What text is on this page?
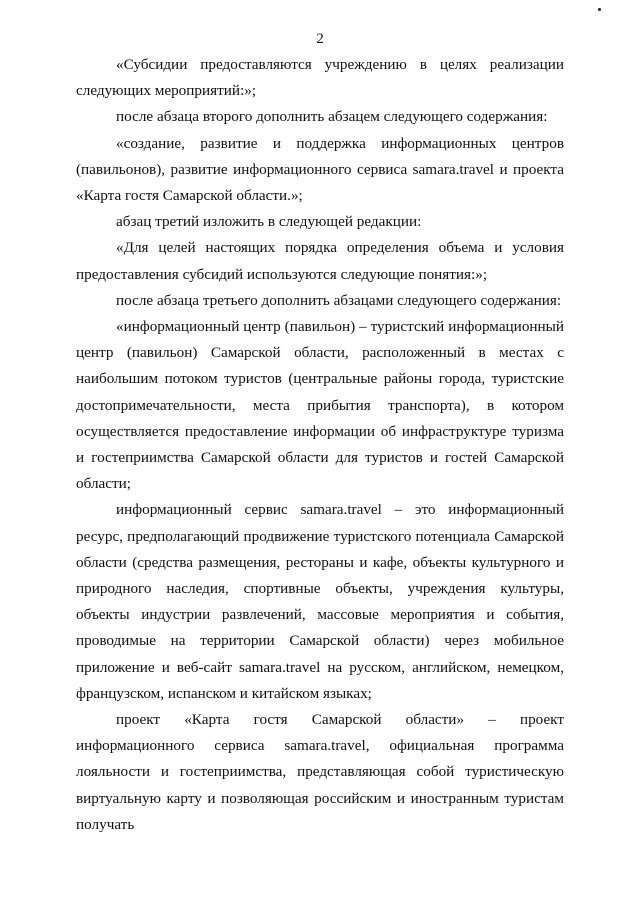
2

«Субсидии предоставляются учреждению в целях реализации следующих мероприятий:»;

после абзаца второго дополнить абзацем следующего содержания:

«создание, развитие и поддержка информационных центров (павильонов), развитие информационного сервиса samara.travel и проекта «Карта гостя Самарской области.»;

абзац третий изложить в следующей редакции:

«Для целей настоящих порядка определения объема и условия предоставления субсидий используются следующие понятия:»;

после абзаца третьего дополнить абзацами следующего содержания:

«информационный центр (павильон) – туристский информационный центр (павильон) Самарской области, расположенный в местах с наибольшим потоком туристов (центральные районы города, туристские достопримечательности, места прибытия транспорта), в котором осуществляется предоставление информации об инфраструктуре туризма и гостеприимства Самарской области для туристов и гостей Самарской области;

информационный сервис samara.travel – это информационный ресурс, предполагающий продвижение туристского потенциала Самарской области (средства размещения, рестораны и кафе, объекты культурного и природного наследия, спортивные объекты, учреждения культуры, объекты индустрии развлечений, массовые мероприятия и события, проводимые на территории Самарской области) через мобильное приложение и веб-сайт samara.travel на русском, английском, немецком, французском, испанском и китайском языках;

проект «Карта гостя Самарской области» – проект информационного сервиса samara.travel, официальная программа лояльности и гостеприимства, представляющая собой туристическую виртуальную карту и позволяющая российским и иностранным туристам получать
